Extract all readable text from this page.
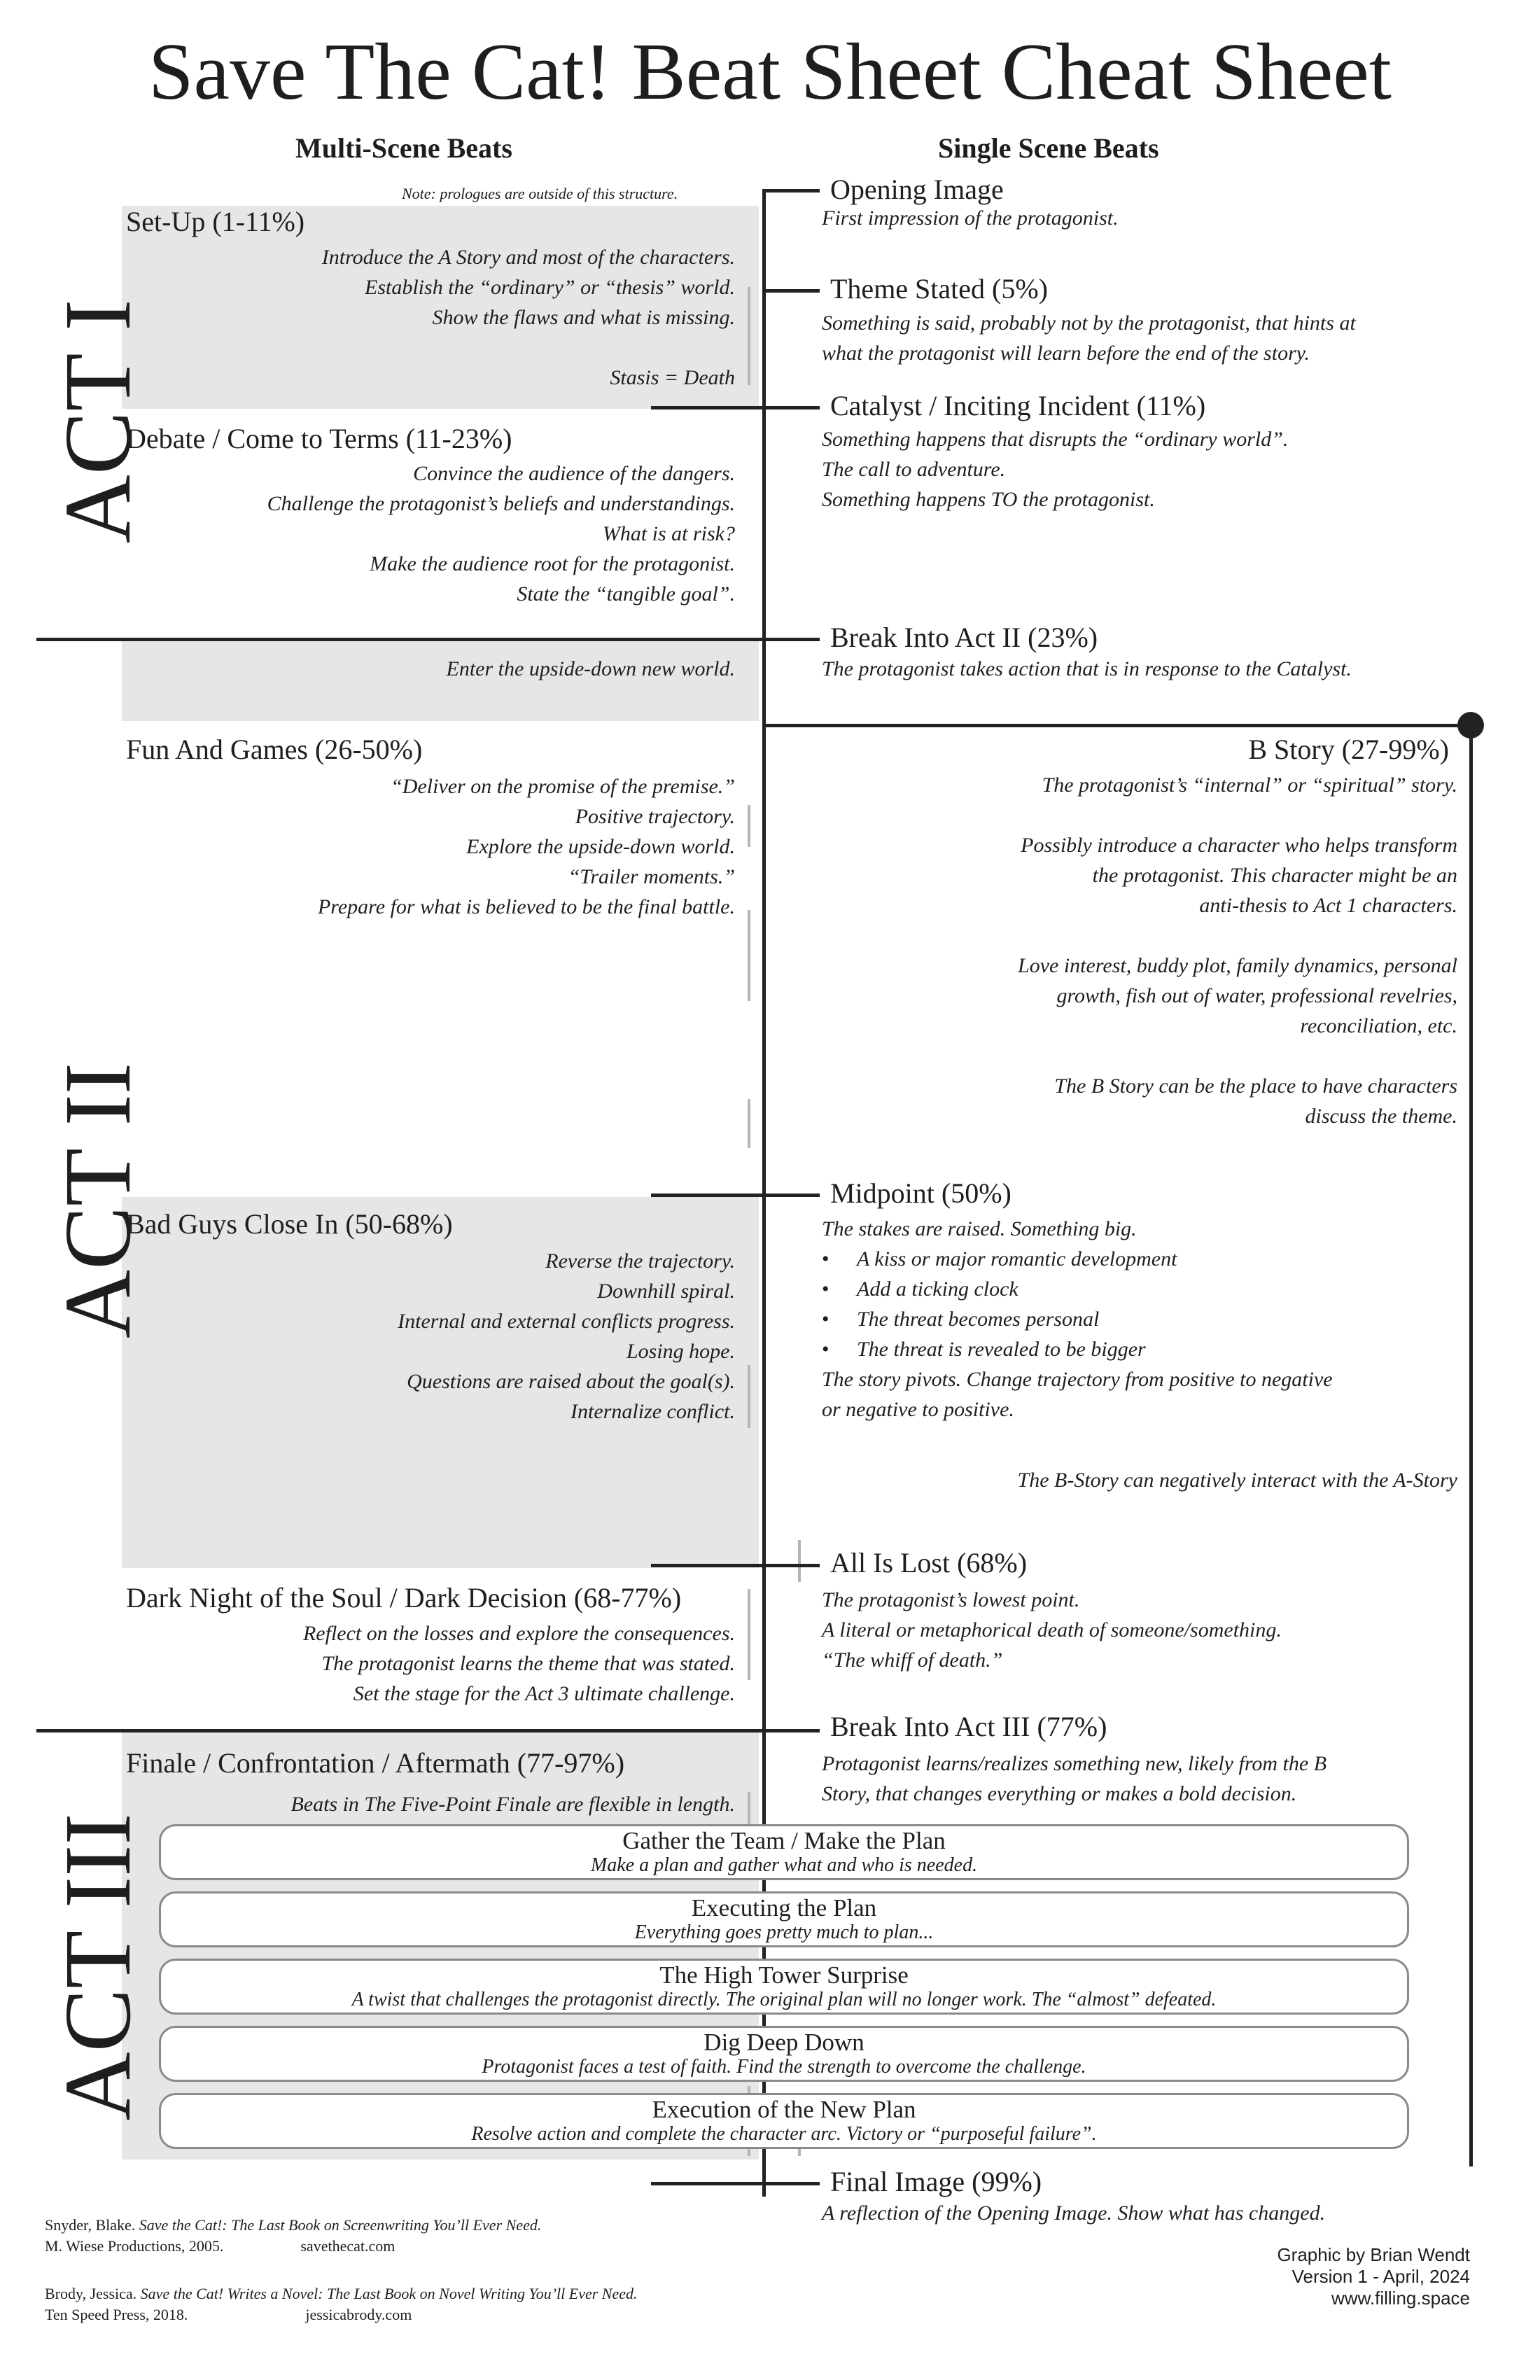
Save The Cat! Beat Sheet Cheat Sheet
Multi-Scene Beats	Single Scene Beats
ACT I
ACT II
ACT III
Note: prologues are outside of this structure.
Set-Up (1-11%)
Introduce the A Story and most of the characters.
Establish the “ordinary” or “thesis” world.
Show the flaws and what is missing.
Stasis = Death
Debate / Come to Terms (11-23%)
Convince the audience of the dangers.
Challenge the protagonist’s beliefs and understandings.
What is at risk?
Make the audience root for the protagonist.
State the “tangible goal”.
Enter the upside-down new world.
Fun And Games (26-50%)
“Deliver on the promise of the premise.”
Positive trajectory.
Explore the upside-down world.
“Trailer moments.”
Prepare for what is believed to be the final battle.
Bad Guys Close In (50-68%)
Reverse the trajectory.
Downhill spiral.
Internal and external conflicts progress.
Losing hope.
Questions are raised about the goal(s).
Internalize conflict.
Dark Night of the Soul / Dark Decision (68-77%)
Reflect on the losses and explore the consequences.
The protagonist learns the theme that was stated.
Set the stage for the Act 3 ultimate challenge.
Finale / Confrontation / Aftermath (77-97%)
Beats in The Five-Point Finale are flexible in length.
Gather the Team / Make the Plan
Make a plan and gather what and who is needed.
Executing the Plan
Everything goes pretty much to plan...
The High Tower Surprise
A twist that challenges the protagonist directly. The original plan will no longer work. The “almost” defeated.
Dig Deep Down
Protagonist faces a test of faith. Find the strength to overcome the challenge.
Execution of the New Plan
Resolve action and complete the character arc. Victory or “purposeful failure”.
Opening Image
First impression of the protagonist.
Theme Stated (5%)
Something is said, probably not by the protagonist, that hints at
what the protagonist will learn before the end of the story.
Catalyst / Inciting Incident (11%)
Something happens that disrupts the “ordinary world”.
The call to adventure.
Something happens TO the protagonist.
Break Into Act II (23%)
The protagonist takes action that is in response to the Catalyst.
B Story (27-99%)
The protagonist’s “internal” or “spiritual” story.
Possibly introduce a character who helps transform
the protagonist. This character might be an
anti-thesis to Act 1 characters.
Love interest, buddy plot, family dynamics, personal
growth, fish out of water, professional revelries,
reconciliation, etc.
The B Story can be the place to have characters
discuss the theme.
Midpoint (50%)
The stakes are raised. Something big.
• A kiss or major romantic development
• Add a ticking clock
• The threat becomes personal
• The threat is revealed to be bigger
The story pivots. Change trajectory from positive to negative
or negative to positive.
The B-Story can negatively interact with the A-Story
All Is Lost (68%)
The protagonist’s lowest point.
A literal or metaphorical death of someone/something.
“The whiff of death.”
Break Into Act III (77%)
Protagonist learns/realizes something new, likely from the B
Story, that changes everything or makes a bold decision.
Final Image (99%)
A reflection of the Opening Image. Show what has changed.
Snyder, Blake. Save the Cat!: The Last Book on Screenwriting You’ll Ever Need.
M. Wiese Productions, 2005.	savethecat.com
Brody, Jessica. Save the Cat! Writes a Novel: The Last Book on Novel Writing You’ll Ever Need.
Ten Speed Press, 2018.	jessicabrody.com
Graphic by Brian Wendt
Version 1 - April, 2024
www.filling.space
